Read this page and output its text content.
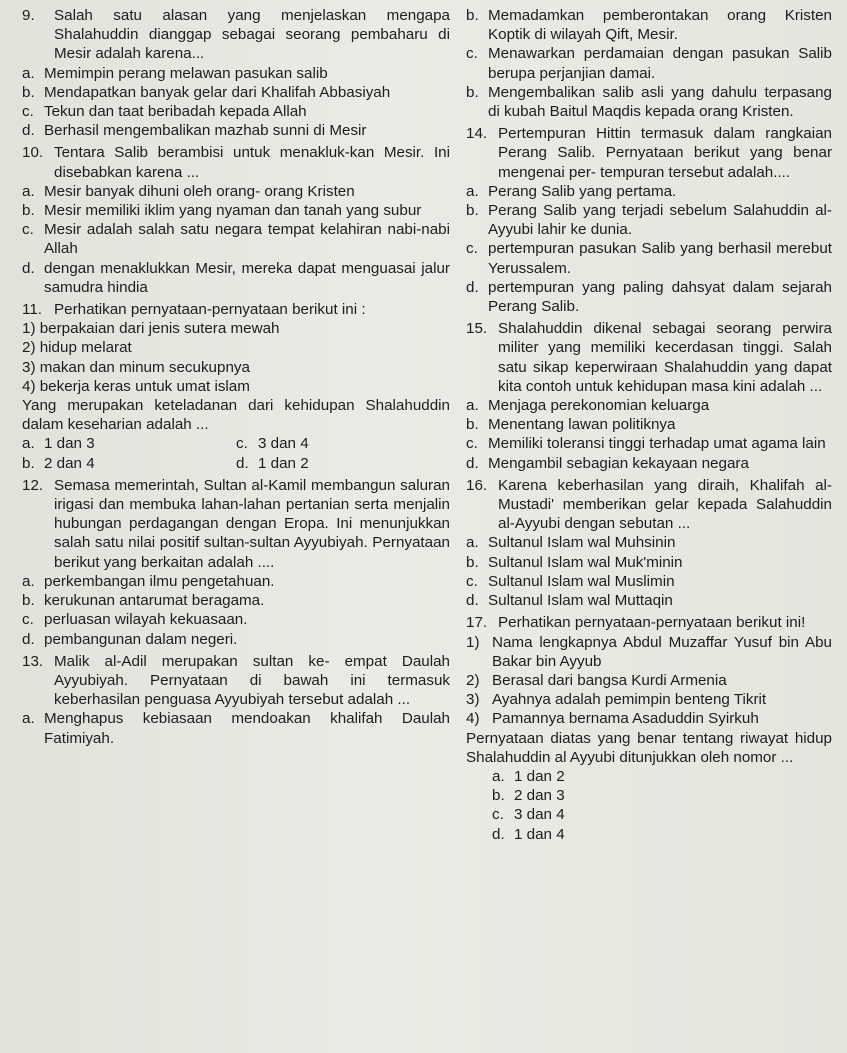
9.	Salah satu alasan yang menjelaskan mengapa Shalahuddin dianggap sebagai seorang pembaharu di Mesir adalah karena...
a. Memimpin perang melawan pasukan salib
b. Mendapatkan banyak gelar dari Khalifah Abbasiyah
c. Tekun dan taat beribadah kepada Allah
d. Berhasil mengembalikan mazhab sunni di Mesir
10. Tentara Salib berambisi untuk menakluk-kan Mesir. Ini disebabkan karena ...
a. Mesir banyak dihuni oleh orang- orang Kristen
b. Mesir memiliki iklim yang nyaman dan tanah yang subur
c. Mesir adalah salah satu negara tempat kelahiran nabi-nabi Allah
d. dengan menaklukkan Mesir, mereka dapat menguasai jalur samudra hindia
11. Perhatikan pernyataan-pernyataan berikut ini :
1) berpakaian dari jenis sutera mewah
2) hidup melarat
3) makan dan minum secukupnya
4) bekerja keras untuk umat islam
Yang merupakan keteladanan dari kehidupan Shalahuddin dalam keseharian adalah ...
a. 1 dan 3	c. 3 dan 4
b. 2 dan 4	d. 1 dan 2
12. Semasa memerintah, Sultan al-Kamil membangun saluran irigasi dan membuka lahan-lahan pertanian serta menjalin hubungan perdagangan dengan Eropa. Ini menunjukkan salah satu nilai positif sultan-sultan Ayyubiyah. Pernyataan berikut yang berkaitan adalah ....
a. perkembangan ilmu pengetahuan.
b. kerukunan antarumat beragama.
c. perluasan wilayah kekuasaan.
d. pembangunan dalam negeri.
13. Malik al-Adil merupakan sultan ke- empat Daulah Ayyubiyah. Pernyataan di bawah ini termasuk keberhasilan penguasa Ayyubiyah tersebut adalah ...
a. Menghapus kebiasaan mendoakan khalifah Daulah Fatimiyah.
b. Memadamkan pemberontakan orang Kristen Koptik di wilayah Qift, Mesir.
c. Menawarkan perdamaian dengan pasukan Salib berupa perjanjian damai.
b. Mengembalikan salib asli yang dahulu terpasang di kubah Baitul Maqdis kepada orang Kristen.
14. Pertempuran Hittin termasuk dalam rangkaian Perang Salib. Pernyataan berikut yang benar mengenai per- tempuran tersebut adalah....
a. Perang Salib yang pertama.
b. Perang Salib yang terjadi sebelum Salahuddin al-Ayyubi lahir ke dunia.
c. pertempuran pasukan Salib yang berhasil merebut Yerussalem.
d. pertempuran yang paling dahsyat dalam sejarah Perang Salib.
15. Shalahuddin dikenal sebagai seorang perwira militer yang memiliki kecerdasan tinggi. Salah satu sikap keperwiraan Shalahuddin yang dapat kita contoh untuk kehidupan masa kini adalah ...
a. Menjaga perekonomian keluarga
b. Menentang lawan politiknya
c. Memiliki toleransi tinggi terhadap umat agama lain
d. Mengambil sebagian kekayaan negara
16. Karena keberhasilan yang diraih, Khalifah al-Mustadi' memberikan gelar kepada Salahuddin al-Ayyubi dengan sebutan ...
a. Sultanul Islam wal Muhsinin
b. Sultanul Islam wal Muk'minin
c. Sultanul Islam wal Muslimin
d. Sultanul Islam wal Muttaqin
17. Perhatikan pernyataan-pernyataan berikut ini!
1) Nama lengkapnya Abdul Muzaffar Yusuf bin Abu Bakar bin Ayyub
2) Berasal dari bangsa Kurdi Armenia
3) Ayahnya adalah pemimpin benteng Tikrit
4) Pamannya bernama Asaduddin Syirkuh
Pernyataan diatas yang benar tentang riwayat hidup Shalahuddin al Ayyubi ditunjukkan oleh nomor ...
a. 1 dan 2
b. 2 dan 3
c. 3 dan 4
d. 1 dan 4
